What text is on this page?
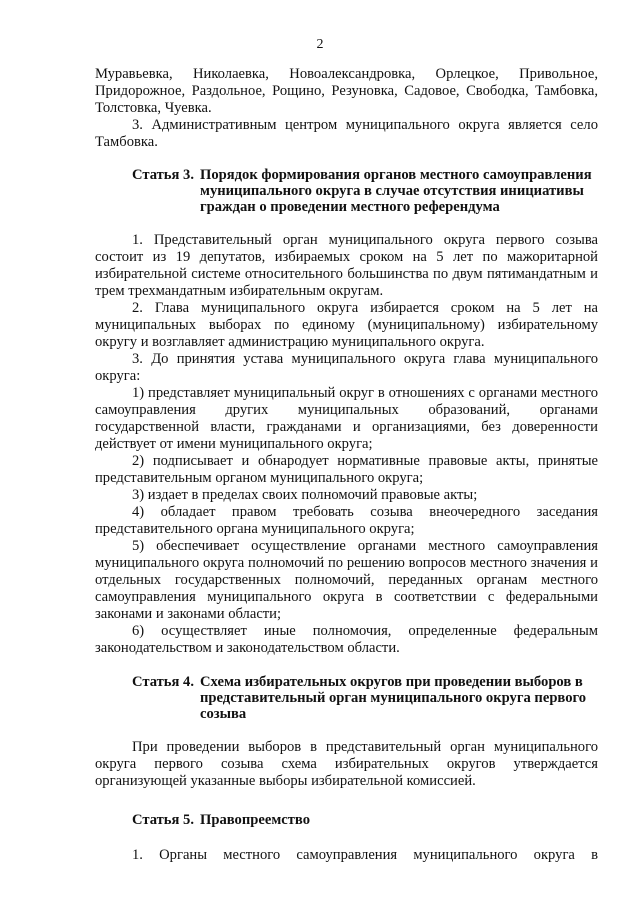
2

Муравьевка, Николаевка, Новоалександровка, Орлецкое, Привольное, Придорожное, Раздольное, Рощино, Резуновка, Садовое, Свободка, Тамбовка, Толстовка, Чуевка.

3. Административным центром муниципального округа является село Тамбовка.

Статья 3. Порядок формирования органов местного самоуправления муниципального округа в случае отсутствия инициативы граждан о проведении местного референдума

1. Представительный орган муниципального округа первого созыва состоит из 19 депутатов, избираемых сроком на 5 лет по мажоритарной избирательной системе относительного большинства по двум пятимандатным и трем трехмандатным избирательным округам.

2. Глава муниципального округа избирается сроком на 5 лет на муниципальных выборах по единому (муниципальному) избирательному округу и возглавляет администрацию муниципального округа.

3. До принятия устава муниципального округа глава муниципального округа:

1) представляет муниципальный округ в отношениях с органами местного самоуправления других муниципальных образований, органами государственной власти, гражданами и организациями, без доверенности действует от имени муниципального округа;

2) подписывает и обнародует нормативные правовые акты, принятые представительным органом муниципального округа;

3) издает в пределах своих полномочий правовые акты;

4) обладает правом требовать созыва внеочередного заседания представительного органа муниципального округа;

5) обеспечивает осуществление органами местного самоуправления муниципального округа полномочий по решению вопросов местного значения и отдельных государственных полномочий, переданных органам местного самоуправления муниципального округа в соответствии с федеральными законами и законами области;

6) осуществляет иные полномочия, определенные федеральным законодательством и законодательством области.

Статья 4. Схема избирательных округов при проведении выборов в представительный орган муниципального округа первого созыва

При проведении выборов в представительный орган муниципального округа первого созыва схема избирательных округов утверждается организующей указанные выборы избирательной комиссией.

Статья 5. Правопреемство

1. Органы местного самоуправления муниципального округа в
